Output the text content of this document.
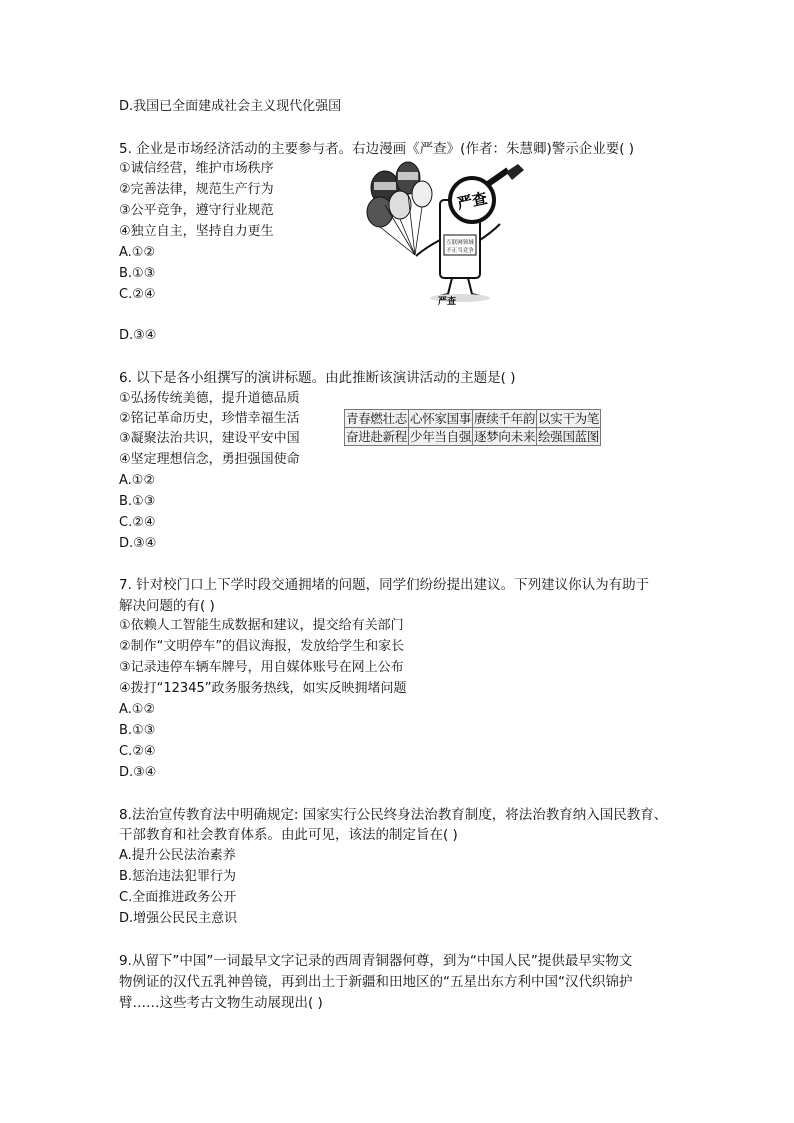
D.我国已全面建成社会主义现代化强国
5. 企业是市场经济活动的主要参与者。右边漫画《严查》(作者：朱慧卿)警示企业要( )
①诚信经营，维护市场秩序
②完善法律，规范生产行为
③公平竞争，遵守行业规范
④独立自主，坚持自力更生
A.①②
B.①③
C.②④
D.③④
互联网领域
不正当竞争
严查
严查
6. 以下是各小组撰写的演讲标题。由此推断该演讲活动的主题是( )
①弘扬传统美德，提升道德品质
②铭记革命历史，珍惜幸福生活
③凝聚法治共识，建设平安中国
④坚定理想信念，勇担强国使命
A.①②
B.①③
C.②④
D.③④
青春燃壮志	心怀家国事	赓续千年韵	以实干为笔
奋进赴新程	少年当自强	逐梦向未来	绘强国蓝图
7. 针对校门口上下学时段交通拥堵的问题，同学们纷纷提出建议。下列建议你认为有助于
解决问题的有( )
①依赖人工智能生成数据和建议，提交给有关部门
②制作“文明停车”的倡议海报，发放给学生和家长
③记录违停车辆车牌号，用自媒体账号在网上公布
④拨打“12345”政务服务热线，如实反映拥堵问题
A.①②
B.①③
C.②④
D.③④
8.法治宣传教育法中明确规定: 国家实行公民终身法治教育制度，将法治教育纳入国民教育、
干部教育和社会教育体系。由此可见，该法的制定旨在( )
A.提升公民法治素养
B.惩治违法犯罪行为
C.全面推进政务公开
D.增强公民民主意识
9.从留下”中国”一词最早文字记录的西周青铜器何尊，到为“中国人民”提供最早实物文
物例证的汉代五乳神兽镜，再到出土于新疆和田地区的“五星出东方利中国“汉代织锦护
臂……这些考古文物生动展现出( )
